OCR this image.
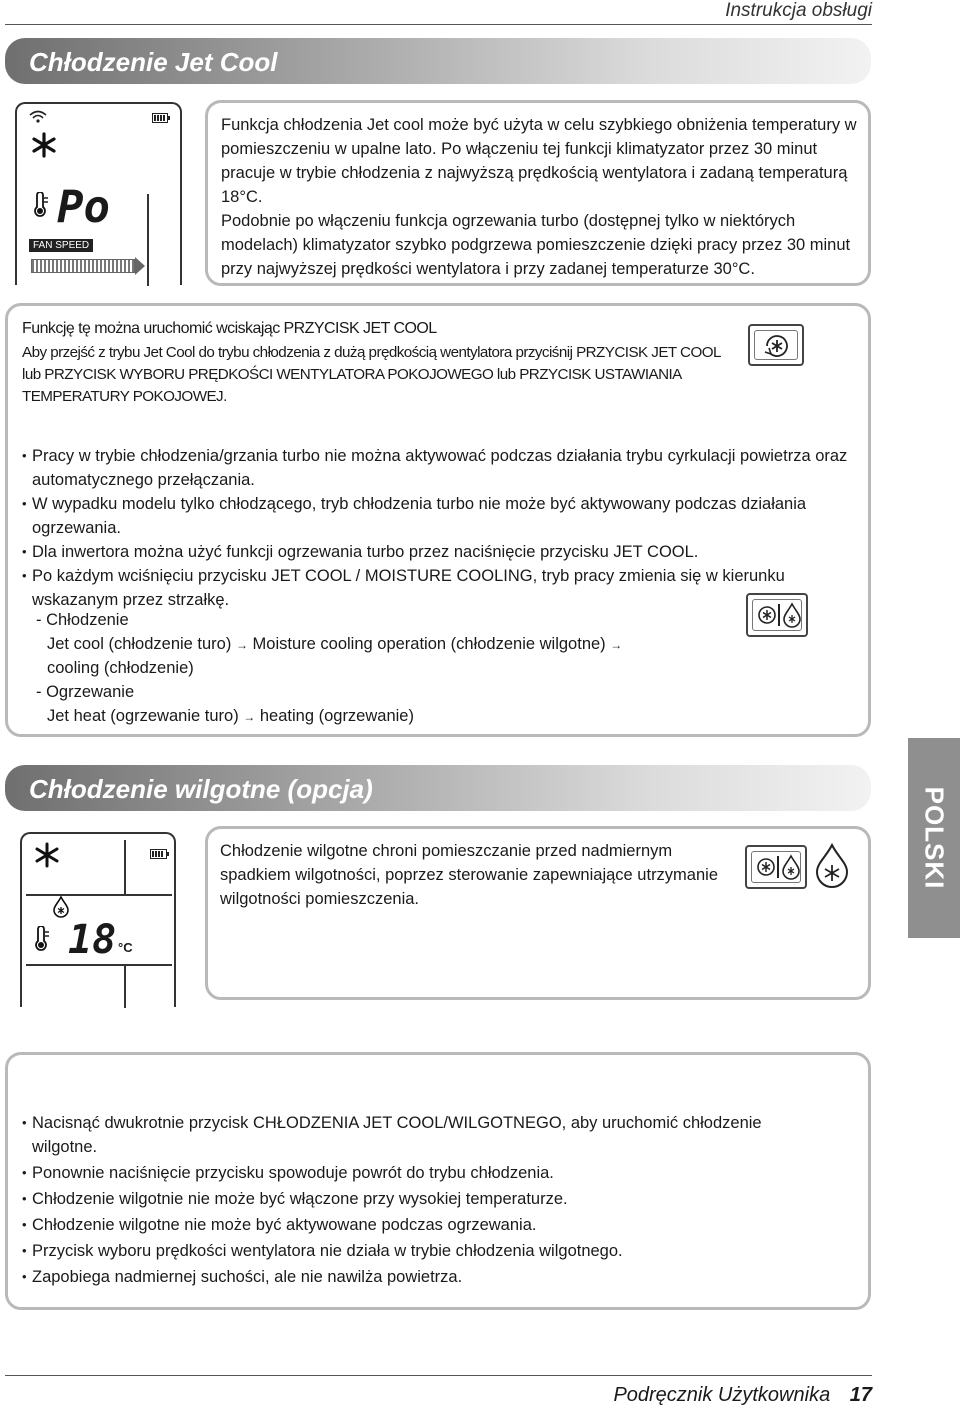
Instrukcja obsługi
Chłodzenie Jet Cool
Po
FAN SPEED

Funkcja chłodzenia Jet cool może być użyta w celu szybkiego obniżenia temperatury w pomieszczeniu w upalne lato. Po włączeniu tej funkcji klimatyzator przez 30 minut pracuje w trybie chłodzenia z najwyższą prędkością wentylatora i zadaną temperaturą 18°C.

Podobnie po włączeniu funkcja ogrzewania turbo (dostępnej tylko w niektórych modelach) klimatyzator szybko podgrzewa pomieszczenie dzięki pracy przez 30 minut przy najwyższej prędkości wentylatora i przy zadanej temperaturze 30°C.

Funkcję tę można uruchomić wciskając PRZYCISK JET COOL
Aby przejść z trybu Jet Cool do trybu chłodzenia z dużą prędkością wentylatora przyciśnij PRZYCISK JET COOL lub PRZYCISK WYBORU PRĘDKOŚCI WENTYLATORA POKOJOWEGO lub PRZYCISK USTAWIANIA TEMPERATURY POKOJOWEJ.
• Pracy w trybie chłodzenia/grzania turbo nie można aktywować podczas działania trybu cyrkulacji powietrza oraz automatycznego przełączania.
• W wypadku modelu tylko chłodzącego, tryb chłodzenia turbo nie może być aktywowany podczas działania ogrzewania.
• Dla inwertora można użyć funkcji ogrzewania turbo przez naciśnięcie przycisku JET COOL.
• Po każdym wciśnięciu przycisku JET COOL / MOISTURE COOLING, tryb pracy zmienia się w kierunku wskazanym przez strzałkę.
- Chłodzenie
Jet cool (chłodzenie turo) → Moisture cooling operation (chłodzenie wilgotne) →
cooling (chłodzenie)
- Ogrzewanie
Jet heat (ogrzewanie turo) → heating (ogrzewanie)
Chłodzenie wilgotne (opcja)	POLSKI
18 °C

Chłodzenie wilgotne chroni pomieszczanie przed nadmiernym spadkiem wilgotności, poprzez sterowanie zapewniające utrzymanie wilgotności pomieszczenia.

• Nacisnąć dwukrotnie przycisk CHŁODZENIA JET COOL/WILGOTNEGO, aby uruchomić chłodzenie wilgotne.
• Ponownie naciśnięcie przycisku spowoduje powrót do trybu chłodzenia.
• Chłodzenie wilgotnie nie może być włączone przy wysokiej temperaturze.
• Chłodzenie wilgotne nie może być aktywowane podczas ogrzewania.
• Przycisk wyboru prędkości wentylatora nie działa w trybie chłodzenia wilgotnego.
• Zapobiega nadmiernej suchości, ale nie nawilża powietrza.
Podręcznik Użytkownika 17
